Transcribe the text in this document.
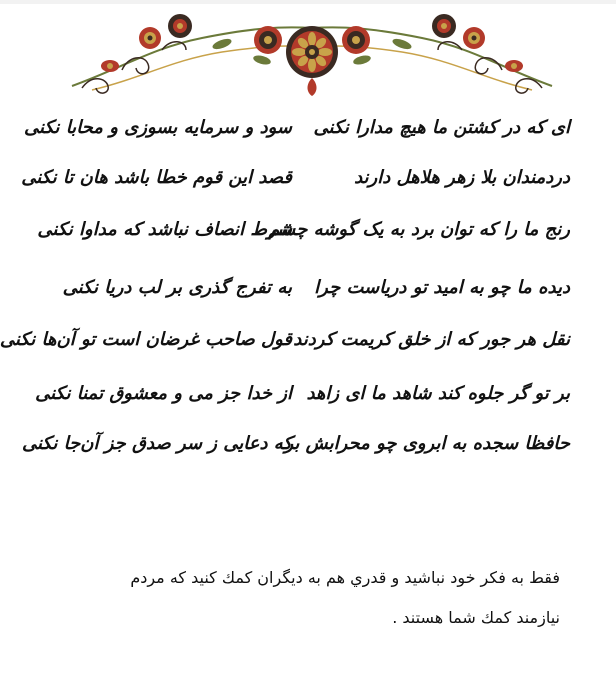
ای که در کشتن ما هیچ مدارا نکنی
سود و سرمایه بسوزی و محابا نکنی
دردمندان بلا زهر هلاهل دارند
قصد این قوم خطا باشد هان تا نکنی
رنج ما را که توان برد به یک گوشه چشم
شرط انصاف نباشد که مداوا نکنی
دیده ما چو به امید تو دریاست چرا
به تفرج گذری بر لب دریا نکنی
نقل هر جور که از خلق کریمت کردند
قول صاحب غرضان است تو آن‌ها نکنی
بر تو گر جلوه کند شاهد ما ای زاهد
از خدا جز می و معشوق تمنا نکنی
حافظا سجده به ابروی چو محرابش بر
که دعایی ز سر صدق جز آن‌جا نکنی
فقط به فكر خود نباشيد و قدري هم به ديگران كمك كنيد كه مردم
نيازمند كمك شما هستند .
